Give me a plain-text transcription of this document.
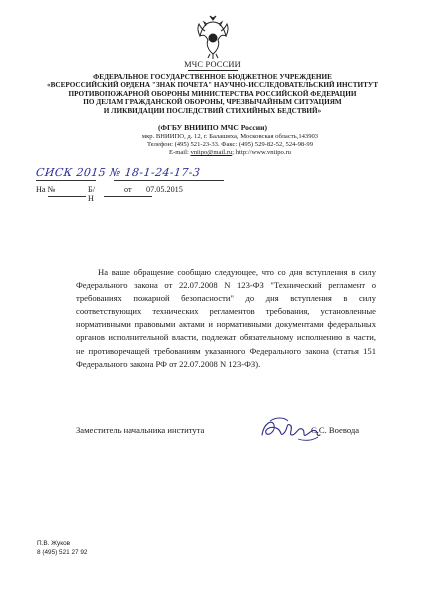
МЧС РОССИИ
ФЕДЕРАЛЬНОЕ ГОСУДАРСТВЕННОЕ БЮДЖЕТНОЕ УЧРЕЖДЕНИЕ
«ВСЕРОССИЙСКИЙ ОРДЕНА "ЗНАК ПОЧЕТА" НАУЧНО-ИССЛЕДОВАТЕЛЬСКИЙ ИНСТИТУТ
ПРОТИВОПОЖАРНОЙ ОБОРОНЫ МИНИСТЕРСТВА РОССИЙСКОЙ ФЕДЕРАЦИИ
ПО ДЕЛАМ ГРАЖДАНСКОЙ ОБОРОНЫ, ЧРЕЗВЫЧАЙНЫМ СИТУАЦИЯМ
И ЛИКВИДАЦИИ ПОСЛЕДСТВИЙ СТИХИЙНЫХ БЕДСТВИЙ»
(ФГБУ ВНИИПО МЧС России)
мкр. ВНИИПО, д. 12, г. Балашиха, Московская область,143903
Телефон: (495) 521-23-33. Факс: (495) 529-82-52, 524-98-99
E-mail: vniipo@mail.ru; http://www.vniipo.ru
СИСК 2015 № 18-1-24-17-3
На №	Б/Н
от 07.05.2015

На ваше обращение сообщаю следующее, что со дня вступления в силу Федерального закона от 22.07.2008 N 123-ФЗ "Технический регламент о требованиях пожарной безопасности" до дня вступления в силу соответствующих технических регламентов требования, установленные нормативными правовыми актами и нормативными документами федеральных органов исполнительной власти, подлежат обязательному исполнению в части, не противоречащей требованиям указанного Федерального закона (статья 151 Федерального закона РФ от 22.07.2008 N 123-ФЗ).

Заместитель начальника института	С.С. Воевода
П.В. Жуков
8 (495) 521 27 92
